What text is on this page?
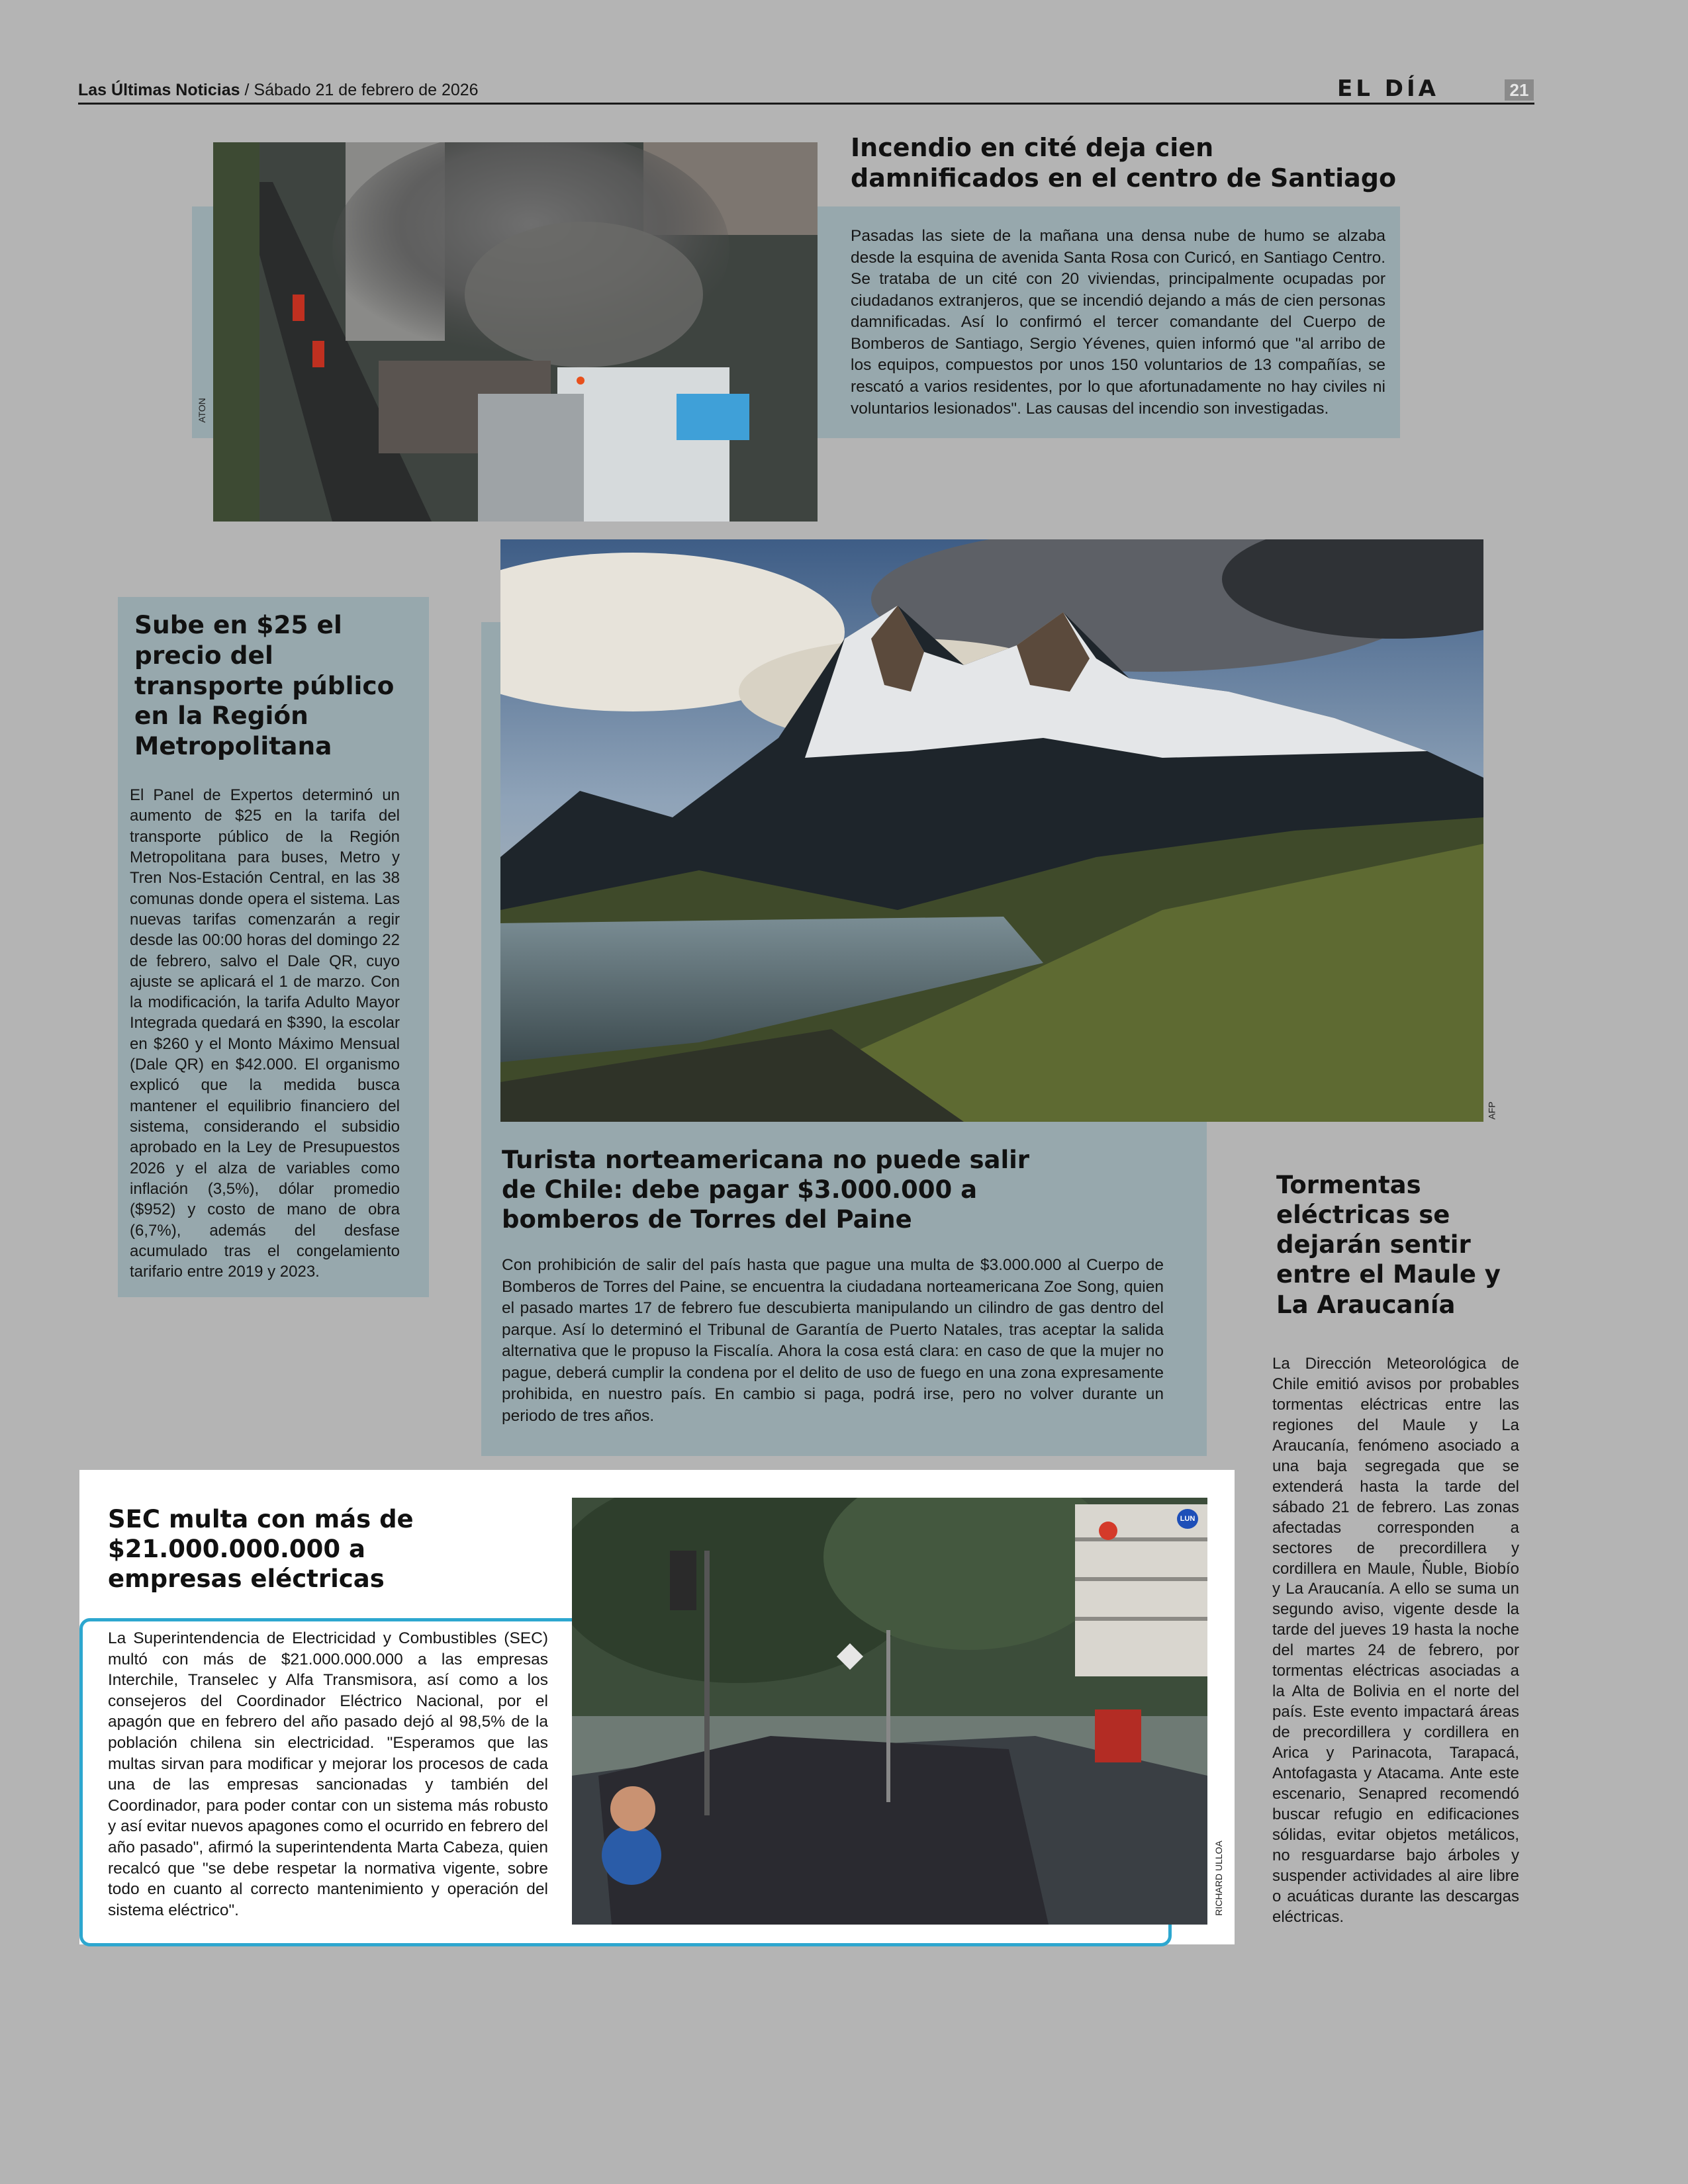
Las Últimas Noticias / Sábado 21 de febrero de 2026	EL DÍA	21
ATON
Incendio en cité deja cien damnificados en el centro de Santiago

Pasadas las siete de la mañana una densa nube de humo se alzaba desde la esquina de avenida Santa Rosa con Curicó, en Santiago Centro. Se trataba de un cité con 20 viviendas, principalmente ocupadas por ciudadanos extranjeros, que se incendió dejando a más de cien personas damnificadas. Así lo confirmó el tercer comandante del Cuerpo de Bomberos de Santiago, Sergio Yévenes, quien informó que "al arribo de los equipos, compuestos por unos 150 voluntarios de 13 compañías, se rescató a varios residentes, por lo que afortunadamente no hay civiles ni voluntarios lesionados". Las causas del incendio son investigadas.

Sube en $25 el precio del transporte público en la Región Metropolitana

El Panel de Expertos determinó un aumento de $25 en la tarifa del transporte público de la Región Metropolitana para buses, Metro y Tren Nos-Estación Central, en las 38 comunas donde opera el sistema. Las nuevas tarifas comenzarán a regir desde las 00:00 horas del domingo 22 de febrero, salvo el Dale QR, cuyo ajuste se aplicará el 1 de marzo. Con la modificación, la tarifa Adulto Mayor Integrada quedará en $390, la escolar en $260 y el Monto Máximo Mensual (Dale QR) en $42.000. El organismo explicó que la medida busca mantener el equilibrio financiero del sistema, considerando el subsidio aprobado en la Ley de Presupuestos 2026 y el alza de variables como inflación (3,5%), dólar promedio ($952) y costo de mano de obra (6,7%), además del desfase acumulado tras el congelamiento tarifario entre 2019 y 2023.

AFP
Turista norteamericana no puede salir de Chile: debe pagar $3.000.000 a bomberos de Torres del Paine

Con prohibición de salir del país hasta que pague una multa de $3.000.000 al Cuerpo de Bomberos de Torres del Paine, se encuentra la ciudadana norteamericana Zoe Song, quien el pasado martes 17 de febrero fue descubierta manipulando un cilindro de gas dentro del parque. Así lo determinó el Tribunal de Garantía de Puerto Natales, tras aceptar la salida alternativa que le propuso la Fiscalía. Ahora la cosa está clara: en caso de que la mujer no pague, deberá cumplir la condena por el delito de uso de fuego en una zona expresamente prohibida, en nuestro país. En cambio si paga, podrá irse, pero no volver durante un periodo de tres años.

Tormentas eléctricas se dejarán sentir entre el Maule y La Araucanía

La Dirección Meteorológica de Chile emitió avisos por probables tormentas eléctricas entre las regiones del Maule y La Araucanía, fenómeno asociado a una baja segregada que se extenderá hasta la tarde del sábado 21 de febrero. Las zonas afectadas corresponden a sectores de precordillera y cordillera en Maule, Ñuble, Biobío y La Araucanía. A ello se suma un segundo aviso, vigente desde la tarde del jueves 19 hasta la noche del martes 24 de febrero, por tormentas eléctricas asociadas a la Alta de Bolivia en el norte del país. Este evento impactará áreas de precordillera y cordillera en Arica y Parinacota, Tarapacá, Antofagasta y Atacama. Ante este escenario, Senapred recomendó buscar refugio en edificaciones sólidas, evitar objetos metálicos, no resguardarse bajo árboles y suspender actividades al aire libre o acuáticas durante las descargas eléctricas.

SEC multa con más de $21.000.000.000 a empresas eléctricas

La Superintendencia de Electricidad y Combustibles (SEC) multó con más de $21.000.000.000 a las empresas Interchile, Transelec y Alfa Transmisora, así como a los consejeros del Coordinador Eléctrico Nacional, por el apagón que en febrero del año pasado dejó al 98,5% de la población chilena sin electricidad. "Esperamos que las multas sirvan para modificar y mejorar los procesos de cada una de las empresas sancionadas y también del Coordinador, para poder contar con un sistema más robusto y así evitar nuevos apagones como el ocurrido en febrero del año pasado", afirmó la superintendenta Marta Cabeza, quien recalcó que "se debe respetar la normativa vigente, sobre todo en cuanto al correcto mantenimiento y operación del sistema eléctrico".

LUN
RICHARD ULLOA
